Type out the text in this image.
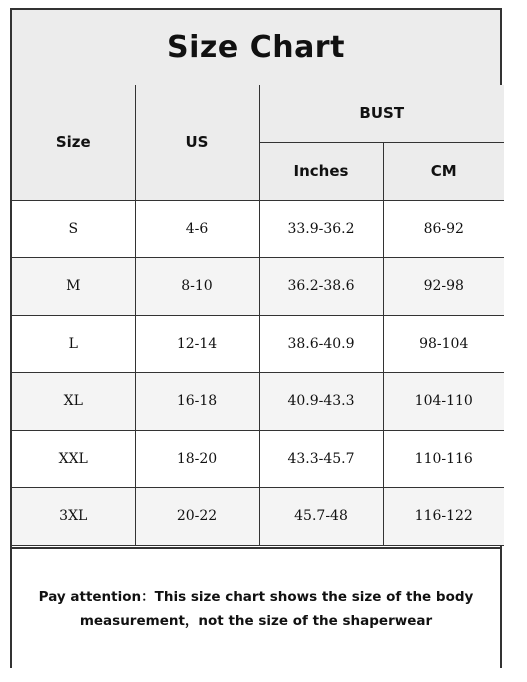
Size Chart
Size	US	BUST	
		Inches	CM
S	4-6	33.9-36.2	86-92
M	8-10	36.2-38.6	92-98
L	12-14	38.6-40.9	98-104
XL	16-18	40.9-43.3	104-110
XXL	18-20	43.3-45.7	110-116
3XL	20-22	45.7-48	116-122

Pay attention：This size chart shows the size of the body
measurement，not the size of the shaperwear
